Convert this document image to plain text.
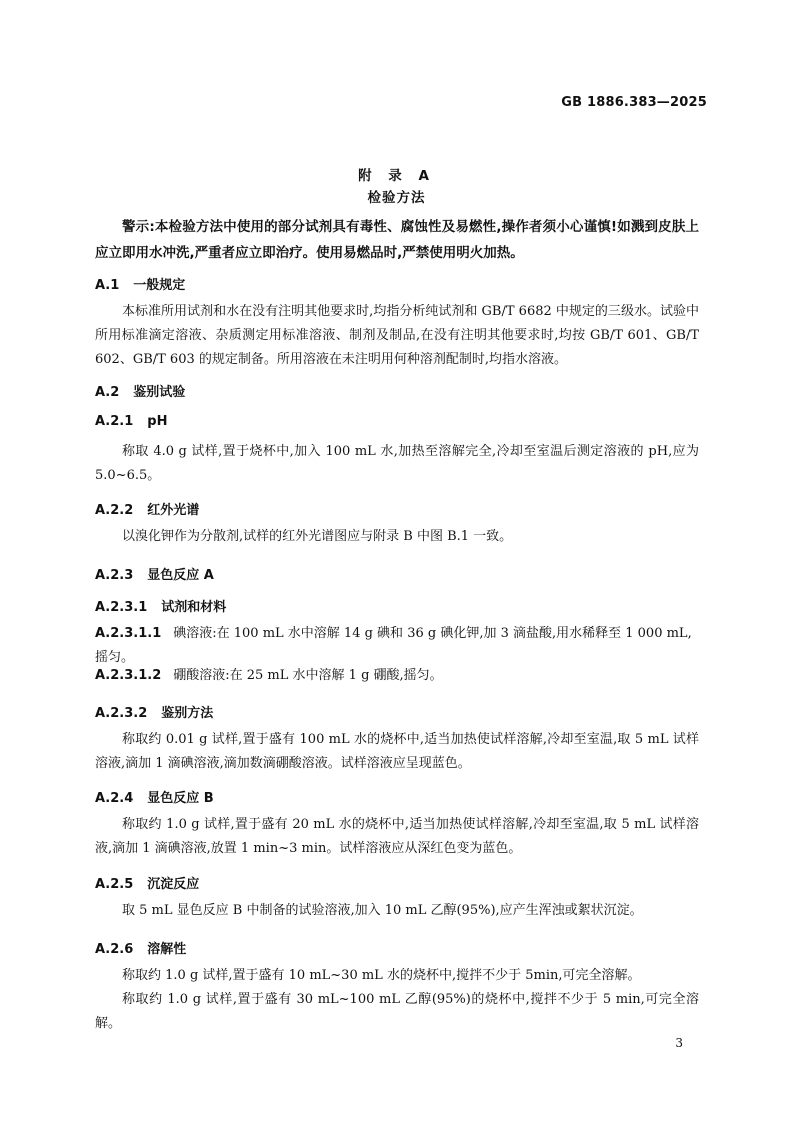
GB 1886.383—2025
附 录 A
检验方法
警示:本检验方法中使用的部分试剂具有毒性、腐蚀性及易燃性,操作者须小心谨慎!如溅到皮肤上应立即用水冲洗,严重者应立即治疗。使用易燃品时,严禁使用明火加热。
A.1 一般规定
本标准所用试剂和水在没有注明其他要求时,均指分析纯试剂和 GB/T 6682 中规定的三级水。试验中所用标准滴定溶液、杂质测定用标准溶液、制剂及制品,在没有注明其他要求时,均按 GB/T 601、GB/T 602、GB/T 603 的规定制备。所用溶液在未注明用何种溶剂配制时,均指水溶液。
A.2 鉴别试验
A.2.1 pH
称取 4.0 g 试样,置于烧杯中,加入 100 mL 水,加热至溶解完全,冷却至室温后测定溶液的 pH,应为 5.0~6.5。
A.2.2 红外光谱
以溴化钾作为分散剂,试样的红外光谱图应与附录 B 中图 B.1 一致。
A.2.3 显色反应 A
A.2.3.1 试剂和材料
A.2.3.1.1 碘溶液:在 100 mL 水中溶解 14 g 碘和 36 g 碘化钾,加 3 滴盐酸,用水稀释至 1 000 mL,摇匀。
A.2.3.1.2 硼酸溶液:在 25 mL 水中溶解 1 g 硼酸,摇匀。
A.2.3.2 鉴别方法
称取约 0.01 g 试样,置于盛有 100 mL 水的烧杯中,适当加热使试样溶解,冷却至室温,取 5 mL 试样溶液,滴加 1 滴碘溶液,滴加数滴硼酸溶液。试样溶液应呈现蓝色。
A.2.4 显色反应 B
称取约 1.0 g 试样,置于盛有 20 mL 水的烧杯中,适当加热使试样溶解,冷却至室温,取 5 mL 试样溶液,滴加 1 滴碘溶液,放置 1 min~3 min。试样溶液应从深红色变为蓝色。
A.2.5 沉淀反应
取 5 mL 显色反应 B 中制备的试验溶液,加入 10 mL 乙醇(95%),应产生浑浊或絮状沉淀。
A.2.6 溶解性
称取约 1.0 g 试样,置于盛有 10 mL~30 mL 水的烧杯中,搅拌不少于 5min,可完全溶解。
称取约 1.0 g 试样,置于盛有 30 mL~100 mL 乙醇(95%)的烧杯中,搅拌不少于 5 min,可完全溶解。
3
